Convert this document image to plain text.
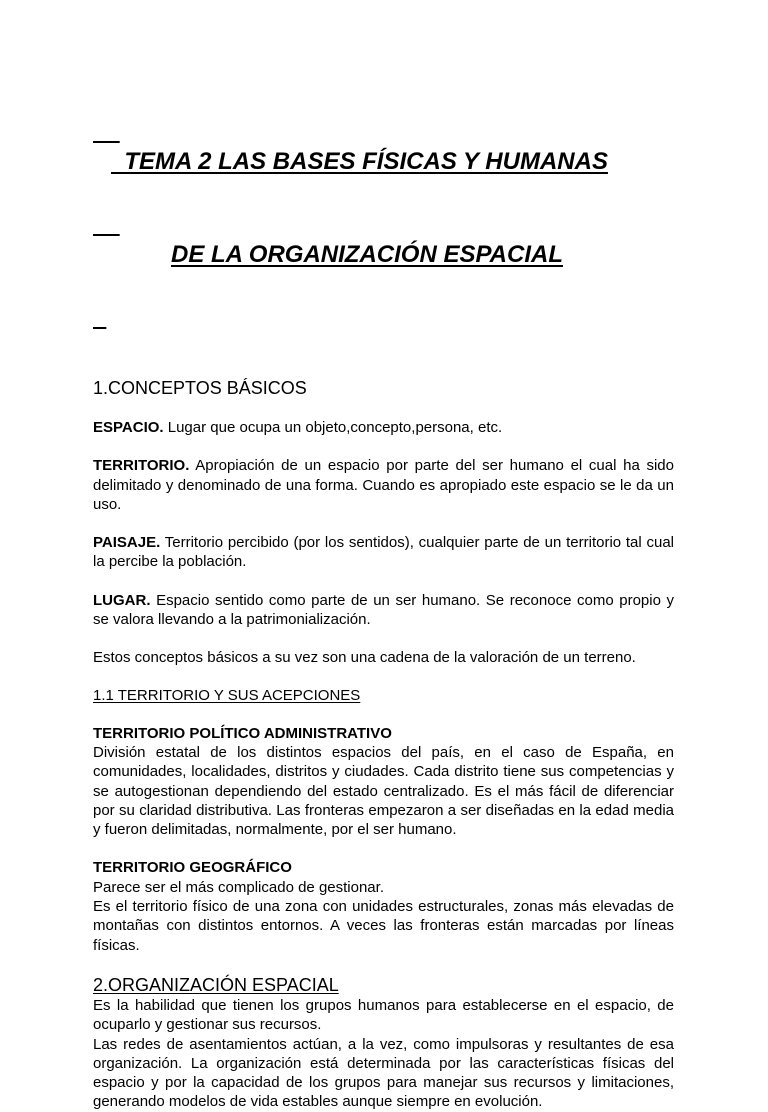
TEMA 2 LAS BASES FÍSICAS Y HUMANAS

DE LA ORGANIZACIÓN ESPACIAL

1.CONCEPTOS BÁSICOS

ESPACIO. Lugar que ocupa un objeto,concepto,persona, etc.

TERRITORIO. Apropiación de un espacio por parte del ser humano el cual ha sido delimitado y denominado de una forma. Cuando es apropiado este espacio se le da un uso.

PAISAJE. Territorio percibido (por los sentidos), cualquier parte de un territorio tal cual la percibe la población.

LUGAR. Espacio sentido como parte de un ser humano. Se reconoce como propio y se valora llevando a la patrimonialización.

Estos conceptos básicos a su vez son una cadena de la valoración de un terreno.

1.1 TERRITORIO Y SUS ACEPCIONES
TERRITORIO POLÍTICO ADMINISTRATIVO

División estatal de los distintos espacios del país, en el caso de España, en comunidades, localidades, distritos y ciudades. Cada distrito tiene sus competencias y se autogestionan dependiendo del estado centralizado. Es el más fácil de diferenciar por su claridad distributiva. Las fronteras empezaron a ser diseñadas en la edad media y fueron delimitadas, normalmente, por el ser humano.

TERRITORIO GEOGRÁFICO

Parece ser el más complicado de gestionar.

Es el territorio físico de una zona con unidades estructurales, zonas más elevadas de montañas con distintos entornos. A veces las fronteras están marcadas por líneas físicas.

2.ORGANIZACIÓN ESPACIAL

Es la habilidad que tienen los grupos humanos para establecerse en el espacio, de ocuparlo y gestionar sus recursos.

Las redes de asentamientos actúan, a la vez, como impulsoras y resultantes de esa organización. La organización está determinada por las características físicas del espacio y por la capacidad de los grupos para manejar sus recursos y limitaciones, generando modelos de vida estables aunque siempre en evolución.
